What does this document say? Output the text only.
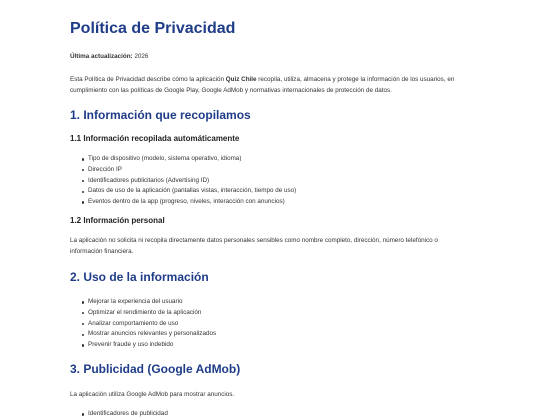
Política de Privacidad

Última actualización: 2026

Esta Política de Privacidad describe cómo la aplicación Quiz Chile recopila, utiliza, almacena y protege la información de los usuarios, en cumplimiento con las políticas de Google Play, Google AdMob y normativas internacionales de protección de datos.

1. Información que recopilamos
1.1 Información recopilada automáticamente
Tipo de dispositivo (modelo, sistema operativo, idioma)
Dirección IP
Identificadores publicitarios (Advertising ID)
Datos de uso de la aplicación (pantallas vistas, interacción, tiempo de uso)
Eventos dentro de la app (progreso, niveles, interacción con anuncios)
1.2 Información personal

La aplicación no solicita ni recopila directamente datos personales sensibles como nombre completo, dirección, número telefónico o información financiera.

2. Uso de la información
Mejorar la experiencia del usuario
Optimizar el rendimiento de la aplicación
Analizar comportamiento de uso
Mostrar anuncios relevantes y personalizados
Prevenir fraude y uso indebido
3. Publicidad (Google AdMob)

La aplicación utiliza Google AdMob para mostrar anuncios.

Identificadores de publicidad
